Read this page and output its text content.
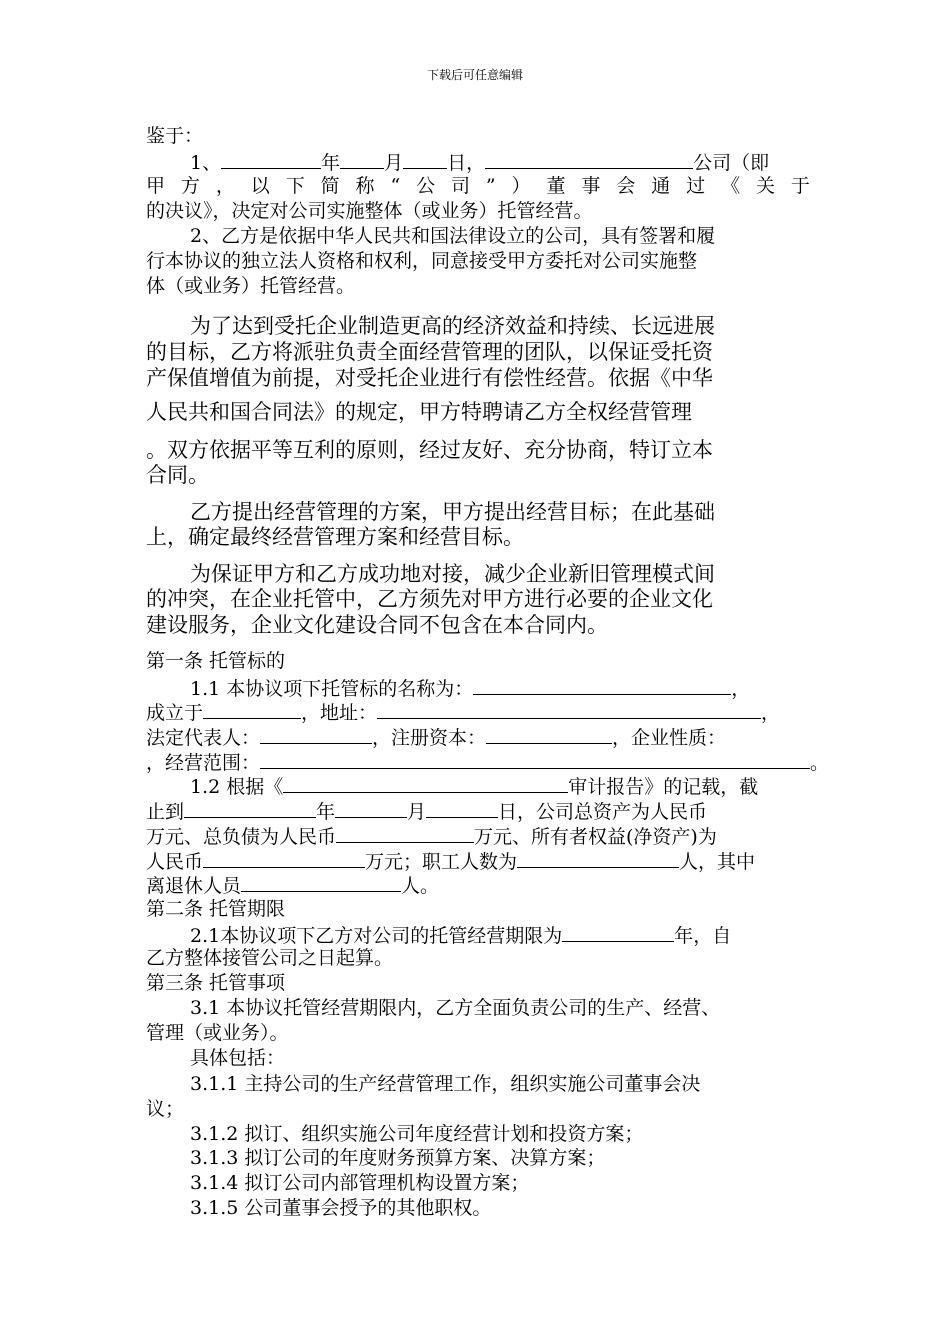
下载后可任意编辑
鉴于：
1、	年 月 日，	公司（即
甲 方 ， 以 下 简 称 “ 公 司 ” ） 董 事 会 通 过 《 关 于
的决议》，决定对公司实施整体（或业务）托管经营。
2、乙方是依据中华人民共和国法律设立的公司，具有签署和履
行本协议的独立法人资格和权利，同意接受甲方委托对公司实施整
体（或业务）托管经营。
为了达到受托企业制造更高的经济效益和持续、长远进展
的目标，乙方将派驻负责全面经营管理的团队，以保证受托资
产保值增值为前提，对受托企业进行有偿性经营。依据《中华
人民共和国合同法》的规定，甲方特聘请乙方全权经营管理
。双方依据平等互利的原则，经过友好、充分协商，特订立本
合同。
乙方提出经营管理的方案，甲方提出经营目标；在此基础
上，确定最终经营管理方案和经营目标。
为保证甲方和乙方成功地对接，减少企业新旧管理模式间
的冲突，在企业托管中，乙方须先对甲方进行必要的企业文化
建设服务，企业文化建设合同不包含在本合同内。
第一条 托管标的
1.1 本协议项下托管标的名称为：	，
成立于	，地址：	，
法定代表人：	，注册资本：	，企业性质：
，经营范围：	。
1.2 根据《	审计报告》的记载，截
止到	年	月	日，公司总资产为人民币
万元、总负债为人民币	万元、所有者权益(净资产)为
人民币	万元；职工人数为	人，其中
离退休人员	人。
第二条 托管期限
2.1本协议项下乙方对公司的托管经营期限为	年，自
乙方整体接管公司之日起算。
第三条 托管事项
3.1 本协议托管经营期限内，乙方全面负责公司的生产、经营、
管理（或业务）。
具体包括：
3.1.1 主持公司的生产经营管理工作，组织实施公司董事会决
议；
3.1.2 拟订、组织实施公司年度经营计划和投资方案；
3.1.3 拟订公司的年度财务预算方案、决算方案；
3.1.4 拟订公司内部管理机构设置方案；
3.1.5 公司董事会授予的其他职权。
